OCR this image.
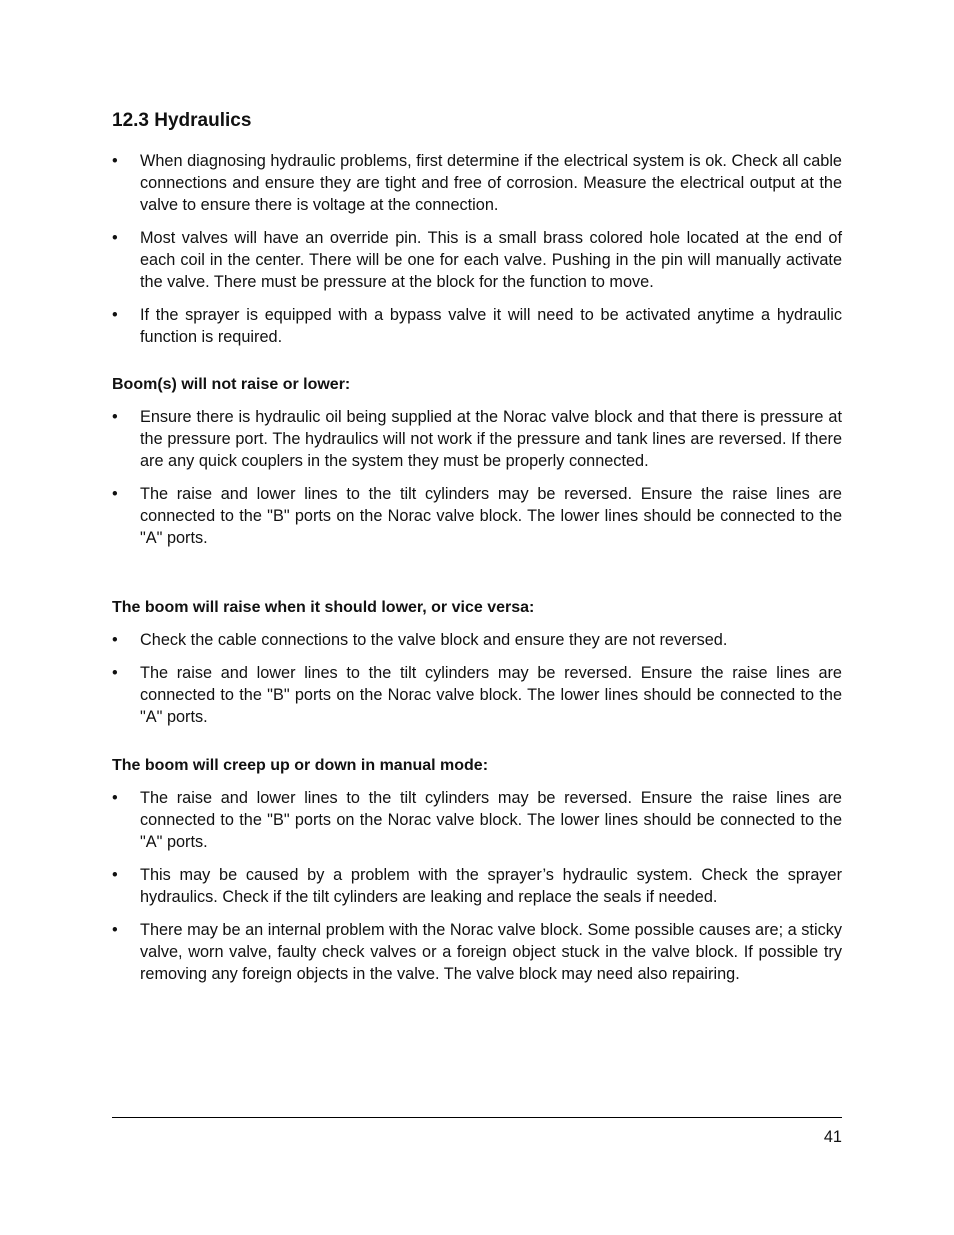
12.3 Hydraulics
• When diagnosing hydraulic problems, first determine if the electrical system is ok. Check all cable connections and ensure they are tight and free of corrosion. Measure the electrical output at the valve to ensure there is voltage at the connection.
• Most valves will have an override pin. This is a small brass colored hole located at the end of each coil in the center. There will be one for each valve. Pushing in the pin will manually activate the valve. There must be pressure at the block for the function to move.
• If the sprayer is equipped with a bypass valve it will need to be activated anytime a hydraulic function is required.

Boom(s) will not raise or lower:

• Ensure there is hydraulic oil being supplied at the Norac valve block and that there is pressure at the pressure port. The hydraulics will not work if the pressure and tank lines are reversed. If there are any quick couplers in the system they must be properly connected.
• The raise and lower lines to the tilt cylinders may be reversed. Ensure the raise lines are connected to the "B" ports on the Norac valve block. The lower lines should be connected to the "A" ports.

The boom will raise when it should lower, or vice versa:

• Check the cable connections to the valve block and ensure they are not reversed.
• The raise and lower lines to the tilt cylinders may be reversed. Ensure the raise lines are connected to the "B" ports on the Norac valve block. The lower lines should be connected to the "A" ports.

The boom will creep up or down in manual mode:

• The raise and lower lines to the tilt cylinders may be reversed. Ensure the raise lines are connected to the "B" ports on the Norac valve block. The lower lines should be connected to the "A" ports.
• This may be caused by a problem with the sprayer’s hydraulic system. Check the sprayer hydraulics. Check if the tilt cylinders are leaking and replace the seals if needed.
• There may be an internal problem with the Norac valve block. Some possible causes are; a sticky valve, worn valve, faulty check valves or a foreign object stuck in the valve block. If possible try removing any foreign objects in the valve. The valve block may need also repairing.
41
